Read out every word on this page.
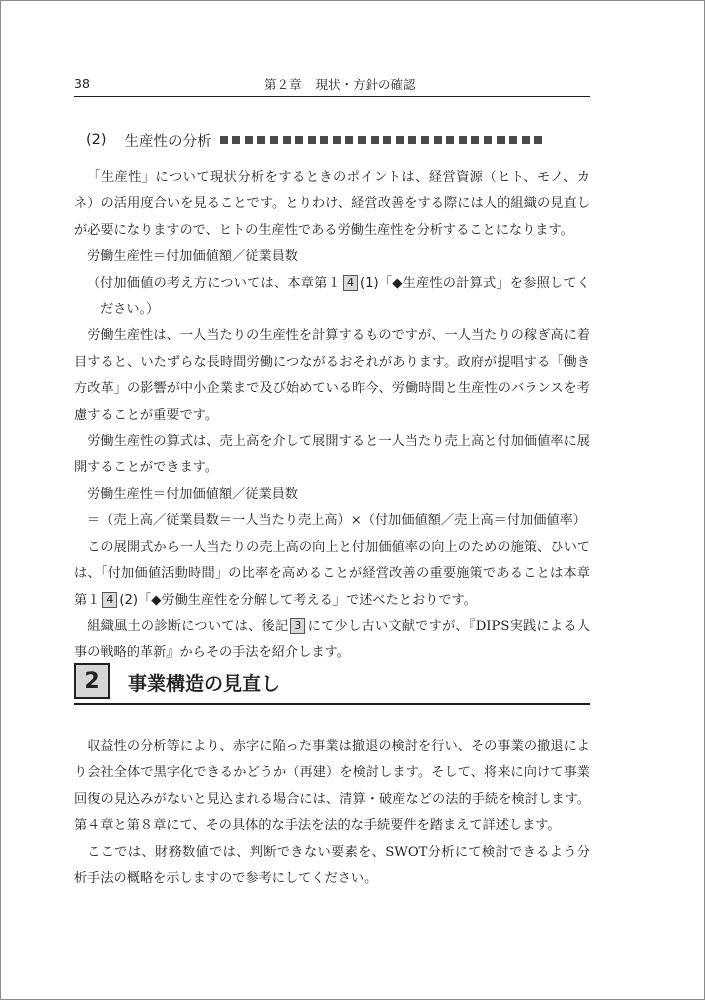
38	第２章 現状・方針の確認
(2) 生産性の分析

「生産性」について現状分析をするときのポイントは、経営資源（ヒト、モノ、カネ）の活用度合いを見ることです。とりわけ、経営改善をする際には人的組織の見直しが必要になりますので、ヒトの生産性である労働生産性を分析することになります。

労働生産性＝付加価値額／従業員数

（ 付加価値の考え方については、本章第１ 4 (1)「◆生産性の計算式」を参照してください。）

労働生産性は、一人当たりの生産性を計算するものですが、一人当たりの稼ぎ高に着目すると、いたずらな長時間労働につながるおそれがあります。政府が提唱する「働き方改革」の影響が中小企業まで及び始めている昨今、労働時間と生産性のバランスを考慮することが重要です。

労働生産性の算式は、売上高を介して展開すると一人当たり売上高と付加価値率に展開することができます。

労働生産性＝付加価値額／従業員数

＝（売上高／従業員数＝一人当たり売上高）×（付加価値額／売上高＝付加価値率）

この展開式から一人当たりの売上高の向上と付加価値率の向上のための施策、ひいては、「付加価値活動時間」の比率を高めることが経営改善の重要施策であることは本章第１ 4 (2)「◆労働生産性を分解して考える」で述べたとおりです。

組織風土の診断については、後記 3 にて少し古い文献ですが、『DIPS実践による人事の戦略的革新』からその手法を紹介します。

2	事業構造の見直し

収益性の分析等により、赤字に陥った事業は撤退の検討を行い、その事業の撤退により会社全体で黒字化できるかどうか（再建）を検討します。そして、将来に向けて事業回復の見込みがないと見込まれる場合には、清算・破産などの法的手続を検討します。第４章と第８章にて、その具体的な手法を法的な手続要件を踏まえて詳述します。

ここでは、財務数値では、判断できない要素を、SWOT分析にて検討できるよう分析手法の概略を示しますので参考にしてください。
